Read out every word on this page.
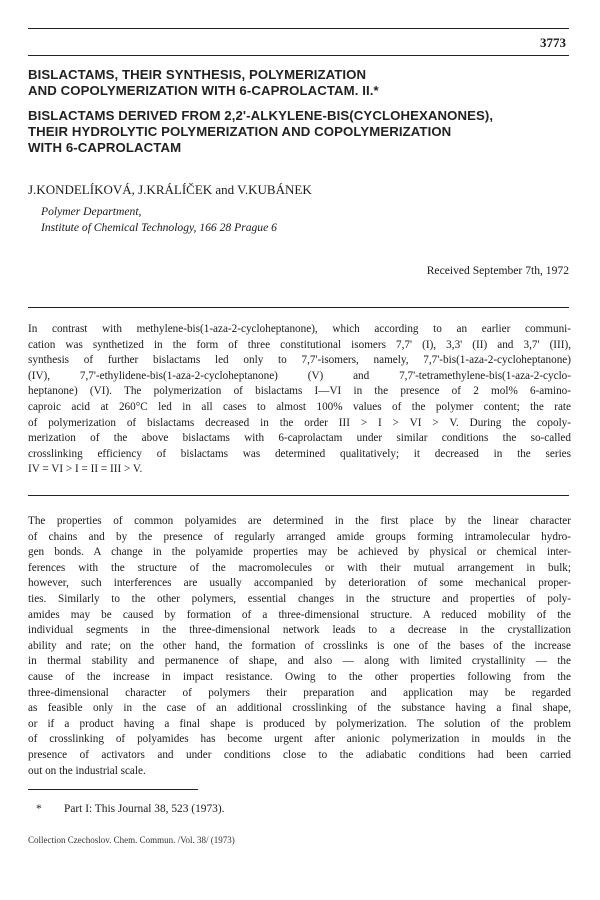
3773
BISLACTAMS, THEIR SYNTHESIS, POLYMERIZATION
AND COPOLYMERIZATION WITH 6-CAPROLACTAM. II.*
BISLACTAMS DERIVED FROM 2,2'-ALKYLENE-BIS(CYCLOHEXANONES),
THEIR HYDROLYTIC POLYMERIZATION AND COPOLYMERIZATION
WITH 6-CAPROLACTAM
J.KONDELÍKOVÁ, J.KRÁLÍČEK and V.KUBÁNEK
Polymer Department,
Institute of Chemical Technology, 166 28 Prague 6
Received September 7th, 1972
In contrast with methylene-bis(1-aza-2-cycloheptanone), which according to an earlier communi-
cation was synthetized in the form of three constitutional isomers 7,7' (I), 3,3' (II) and 3,7' (III),
synthesis of further bislactams led only to 7,7'-isomers, namely, 7,7'-bis(1-aza-2-cycloheptanone)
(IV), 7,7'-ethylidene-bis(1-aza-2-cycloheptanone) (V) and 7,7'-tetramethylene-bis(1-aza-2-cyclo-
heptanone) (VI). The polymerization of bislactams I—VI in the presence of 2 mol% 6-amino-
caproic acid at 260°C led in all cases to almost 100% values of the polymer content; the rate
of polymerization of bislactams decreased in the order III > I > VI > V. During the copoly-
merization of the above bislactams with 6-caprolactam under similar conditions the so-called
crosslinking efficiency of bislactams was determined qualitatively; it decreased in the series
IV = VI > I = II = III > V.
The properties of common polyamides are determined in the first place by the linear character
of chains and by the presence of regularly arranged amide groups forming intramolecular hydro-
gen bonds. A change in the polyamide properties may be achieved by physical or chemical inter-
ferences with the structure of the macromolecules or with their mutual arrangement in bulk;
however, such interferences are usually accompanied by deterioration of some mechanical proper-
ties. Similarly to the other polymers, essential changes in the structure and properties of poly-
amides may be caused by formation of a three-dimensional structure. A reduced mobility of the
individual segments in the three-dimensional network leads to a decrease in the crystallization
ability and rate; on the other hand, the formation of crosslinks is one of the bases of the increase
in thermal stability and permanence of shape, and also — along with limited crystallinity — the
cause of the increase in impact resistance. Owing to the other properties following from the
three-dimensional character of polymers their preparation and application may be regarded
as feasible only in the case of an additional crosslinking of the substance having a final shape,
or if a product having a final shape is produced by polymerization. The solution of the problem
of crosslinking of polyamides has become urgent after anionic polymerization in moulds in the
presence of activators and under conditions close to the adiabatic conditions had been carried
out on the industrial scale.
* Part I: This Journal 38, 523 (1973).
Collection Czechoslov. Chem. Commun. /Vol. 38/ (1973)
